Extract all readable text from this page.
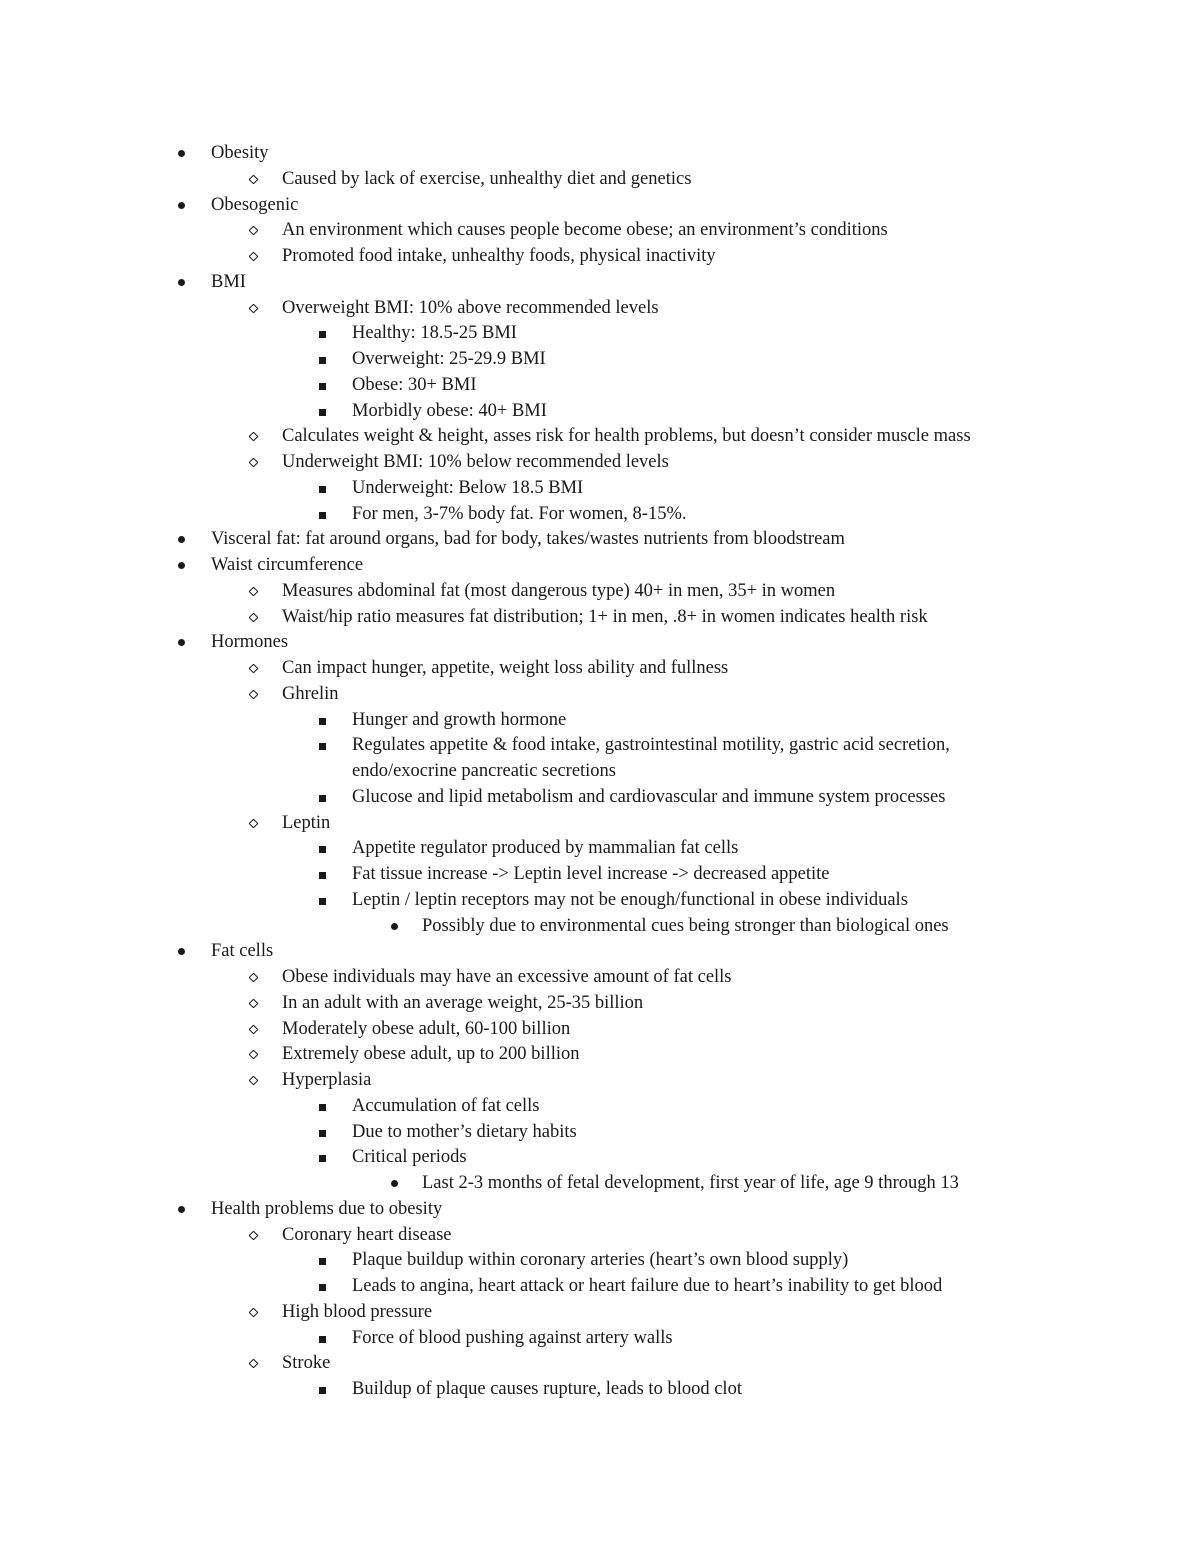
Obesity
Caused by lack of exercise, unhealthy diet and genetics
Obesogenic
An environment which causes people become obese; an environment’s conditions
Promoted food intake, unhealthy foods, physical inactivity
BMI
Overweight BMI: 10% above recommended levels
Healthy: 18.5-25 BMI
Overweight: 25-29.9 BMI
Obese: 30+ BMI
Morbidly obese: 40+ BMI
Calculates weight & height, asses risk for health problems, but doesn’t consider muscle mass
Underweight BMI: 10% below recommended levels
Underweight: Below 18.5 BMI
For men, 3-7% body fat. For women, 8-15%.
Visceral fat: fat around organs, bad for body, takes/wastes nutrients from bloodstream
Waist circumference
Measures abdominal fat (most dangerous type) 40+ in men, 35+ in women
Waist/hip ratio measures fat distribution; 1+ in men, .8+ in women indicates health risk
Hormones
Can impact hunger, appetite, weight loss ability and fullness
Ghrelin
Hunger and growth hormone
Regulates appetite & food intake, gastrointestinal motility, gastric acid secretion, endo/exocrine pancreatic secretions
Glucose and lipid metabolism and cardiovascular and immune system processes
Leptin
Appetite regulator produced by mammalian fat cells
Fat tissue increase -> Leptin level increase -> decreased appetite
Leptin / leptin receptors may not be enough/functional in obese individuals
Possibly due to environmental cues being stronger than biological ones
Fat cells
Obese individuals may have an excessive amount of fat cells
In an adult with an average weight, 25-35 billion
Moderately obese adult, 60-100 billion
Extremely obese adult, up to 200 billion
Hyperplasia
Accumulation of fat cells
Due to mother’s dietary habits
Critical periods
Last 2-3 months of fetal development, first year of life, age 9 through 13
Health problems due to obesity
Coronary heart disease
Plaque buildup within coronary arteries (heart’s own blood supply)
Leads to angina, heart attack or heart failure due to heart’s inability to get blood
High blood pressure
Force of blood pushing against artery walls
Stroke
Buildup of plaque causes rupture, leads to blood clot
